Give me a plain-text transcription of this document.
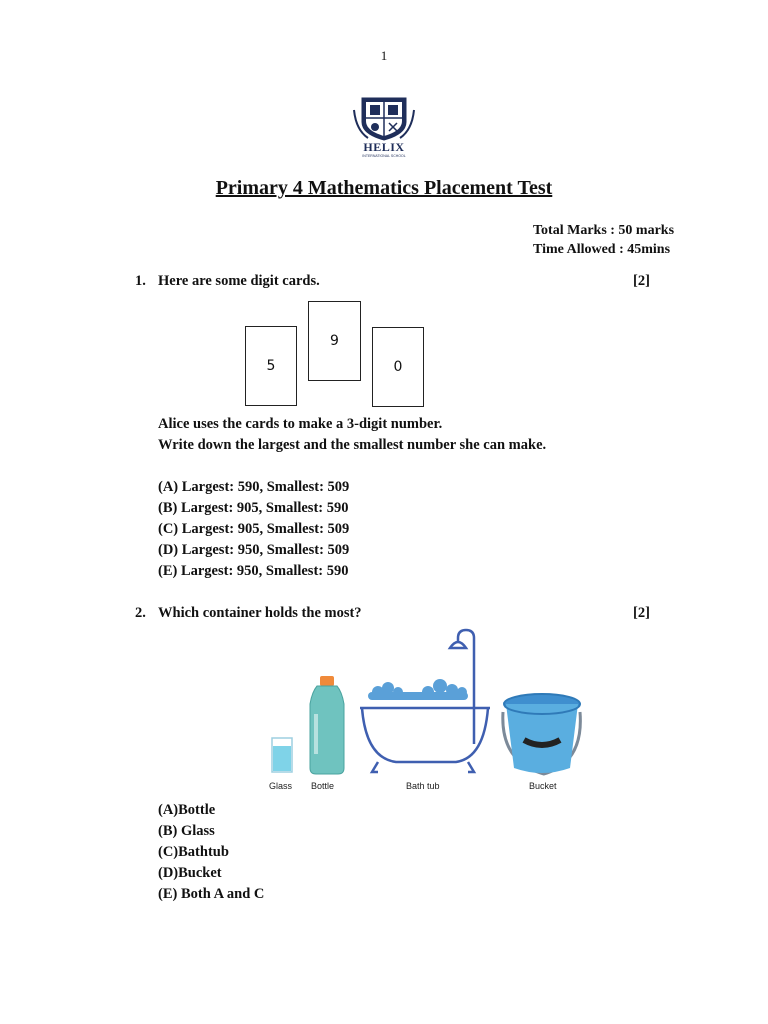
1
HELIX
INTERNATIONAL SCHOOL
Primary 4 Mathematics Placement Test
Total Marks : 50 marks
Time Allowed : 45mins
1. Here are some digit cards.	[2]
5
9
0
Alice uses the cards to make a 3-digit number.
Write down the largest and the smallest number she can make.
(A) Largest: 590, Smallest: 509
(B) Largest: 905, Smallest: 590
(C) Largest: 905, Smallest: 509
(D) Largest: 950, Smallest: 509
(E) Largest: 950, Smallest: 590
2. Which container holds the most?	[2]
Glass Bottle	Bath tub	Bucket
(A)Bottle
(B) Glass
(C)Bathtub
(D)Bucket
(E) Both A and C
